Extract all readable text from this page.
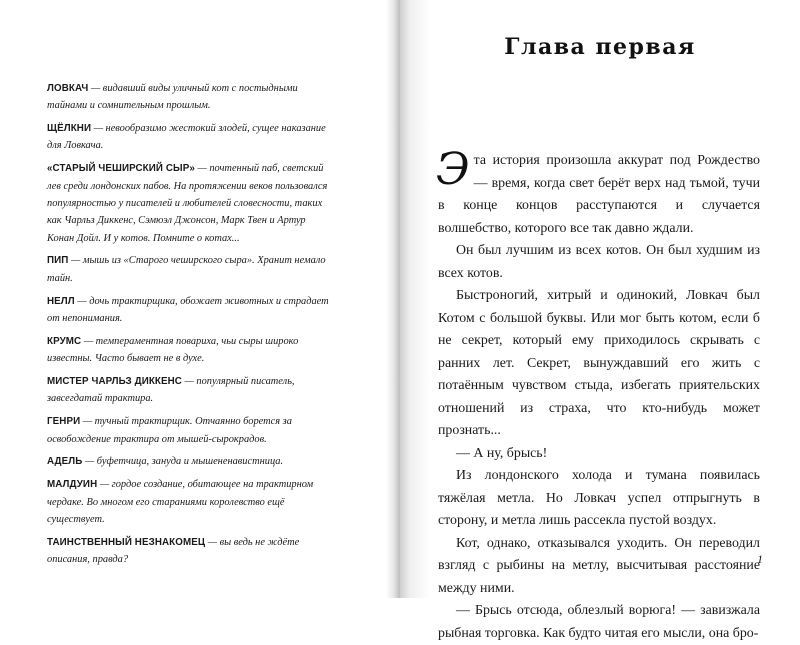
ЛОВКАЧ — видавший виды уличный кот с постыдными тайнами и сомнительным прошлым.

ЩЁЛКНИ — невообразимо жестокий злодей, сущее наказание для Ловкача.

«СТАРЫЙ ЧЕШИРСКИЙ СЫР» — почтенный паб, светский лев среди лондонских пабов. На протяжении веков пользовался популярностью у писателей и любителей словесности, таких как Чарльз Диккенс, Сэмюэл Джонсон, Марк Твен и Артур Конан Дойл. И у котов. Помните о котах...

ПИП — мышь из «Старого чеширского сыра». Хранит немало тайн.

НЕЛЛ — дочь трактирщика, обожает животных и страдает от непонимания.

КРУМС — темпераментная повариха, чьи сыры широко известны. Часто бывает не в духе.

МИСТЕР ЧАРЛЬЗ ДИККЕНС — популярный писатель, завсегдатай трактира.

ГЕНРИ — тучный трактирщик. Отчаянно борется за освобождение трактира от мышей-сырокрадов.

АДЕЛЬ — буфетчица, зануда и мышененавистница.

МАЛДУИН — гордое создание, обитающее на трактирном чердаке. Во многом его стараниями королевство ещё существует.

ТАИНСТВЕННЫЙ НЕЗНАКОМЕЦ — вы ведь не ждёте описания, правда?

Глава первая

Эта история произошла аккурат под Рождество — время, когда свет берёт верх над тьмой, тучи в конце концов расступаются и случается волшебство, которого все так давно ждали.

Он был лучшим из всех котов. Он был худшим из всех котов.

Быстроногий, хитрый и одинокий, Ловкач был Котом с большой буквы. Или мог быть котом, если б не секрет, который ему приходилось скрывать с ранних лет. Секрет, вынуждавший его жить с потаённым чувством стыда, избегать приятельских отношений из страха, что кто-нибудь может прознать...

— А ну, брысь!

Из лондонского холода и тумана появилась тяжёлая метла. Но Ловкач успел отпрыгнуть в сторону, и метла лишь рассекла пустой воздух.

Кот, однако, отказывался уходить. Он переводил взгляд с рыбины на метлу, высчитывая расстояние между ними.

— Брысь отсюда, облезлый ворюга! — завизжала рыбная торговка. Как будто читая его мысли, она бро-

1
